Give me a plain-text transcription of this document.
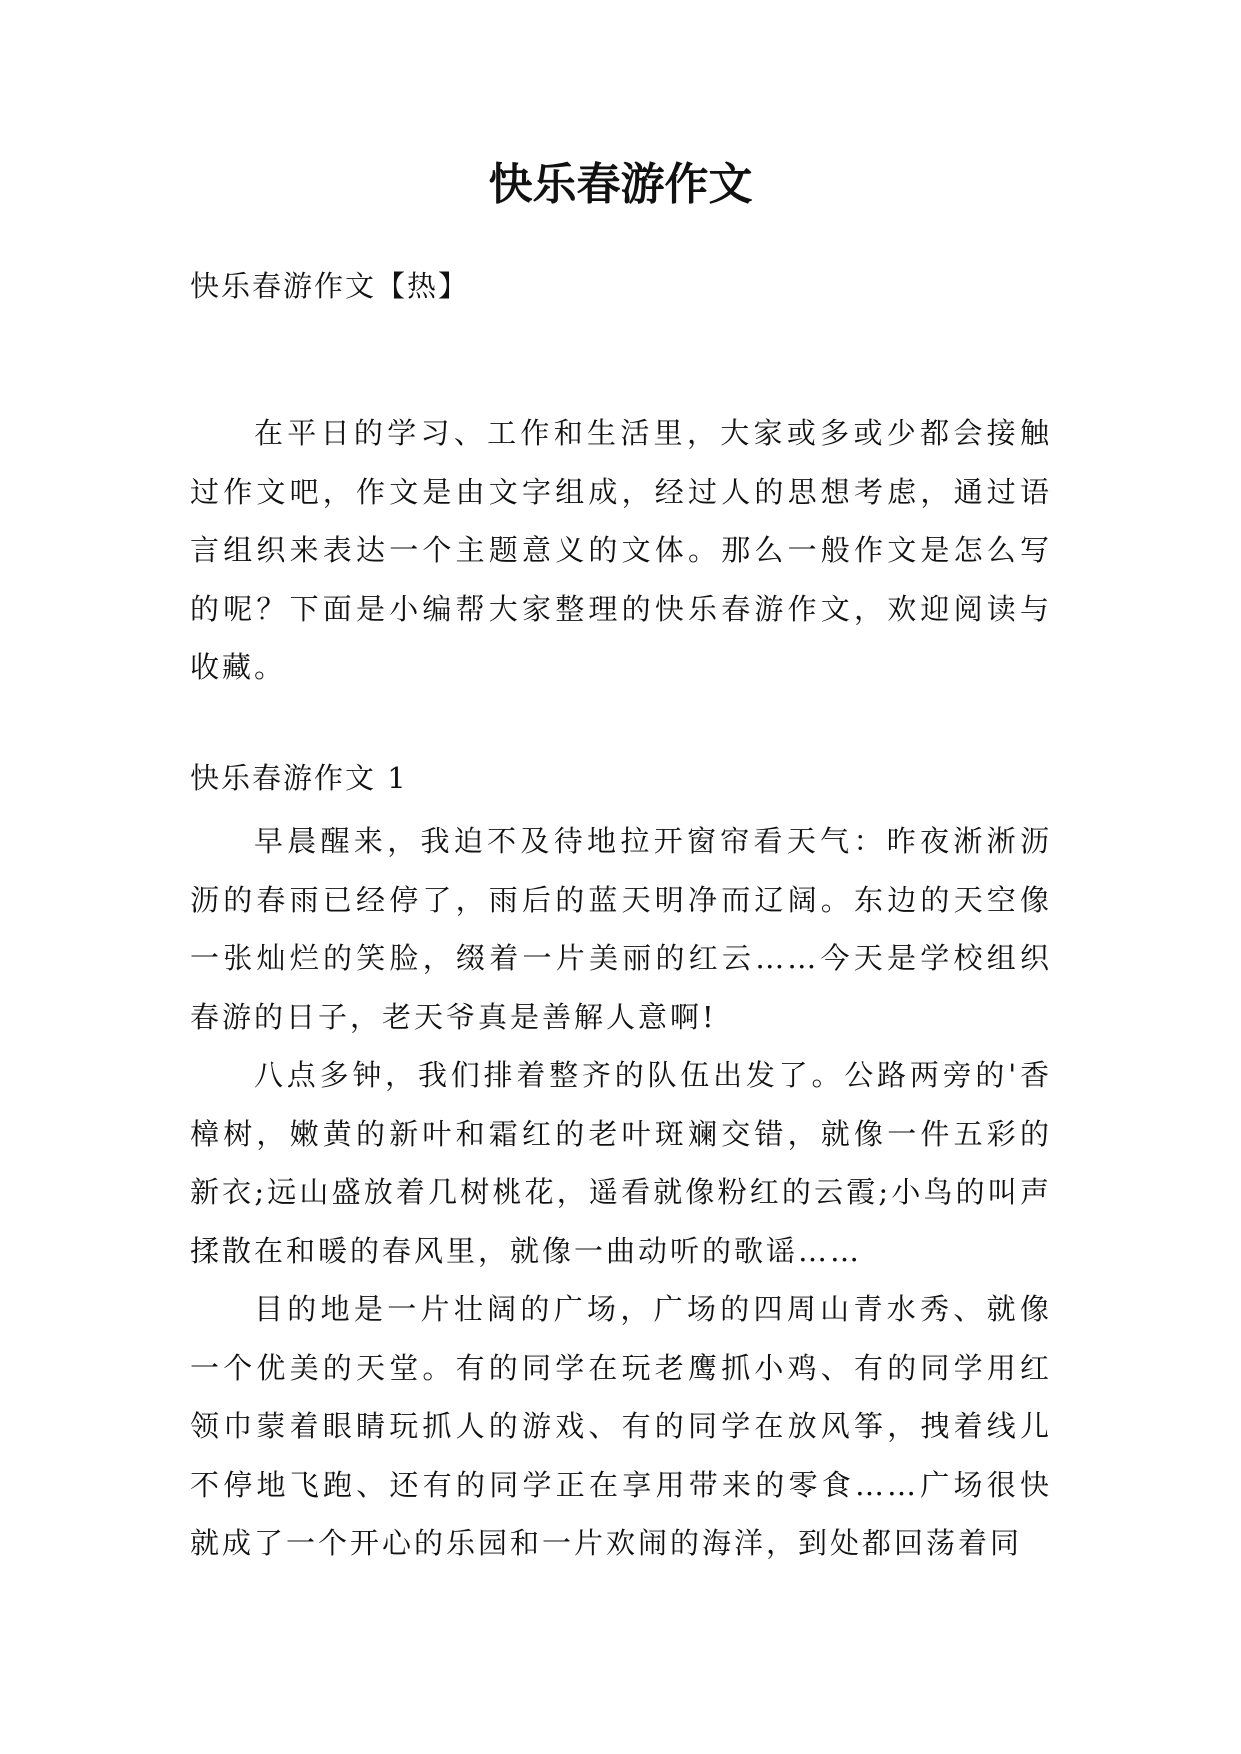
快乐春游作文
快乐春游作文【热】

在平日的学习、工作和生活里，大家或多或少都会接触过作文吧，作文是由文字组成，经过人的思想考虑，通过语言组织来表达一个主题意义的文体。那么一般作文是怎么写的呢？下面是小编帮大家整理的快乐春游作文，欢迎阅读与收藏。

快乐春游作文 1

早晨醒来，我迫不及待地拉开窗帘看天气：昨夜淅淅沥沥的春雨已经停了，雨后的蓝天明净而辽阔。东边的天空像一张灿烂的笑脸，缀着一片美丽的红云……今天是学校组织春游的日子，老天爷真是善解人意啊!

八点多钟，我们排着整齐的队伍出发了。公路两旁的'香樟树，嫩黄的新叶和霜红的老叶斑斓交错，就像一件五彩的新衣;远山盛放着几树桃花，遥看就像粉红的云霞;小鸟的叫声揉散在和暖的春风里，就像一曲动听的歌谣……

目的地是一片壮阔的广场，广场的四周山青水秀、就像一个优美的天堂。有的同学在玩老鹰抓小鸡、有的同学用红领巾蒙着眼睛玩抓人的游戏、有的同学在放风筝，拽着线儿不停地飞跑、还有的同学正在享用带来的零食……广场很快就成了一个开心的乐园和一片欢闹的海洋，到处都回荡着同
